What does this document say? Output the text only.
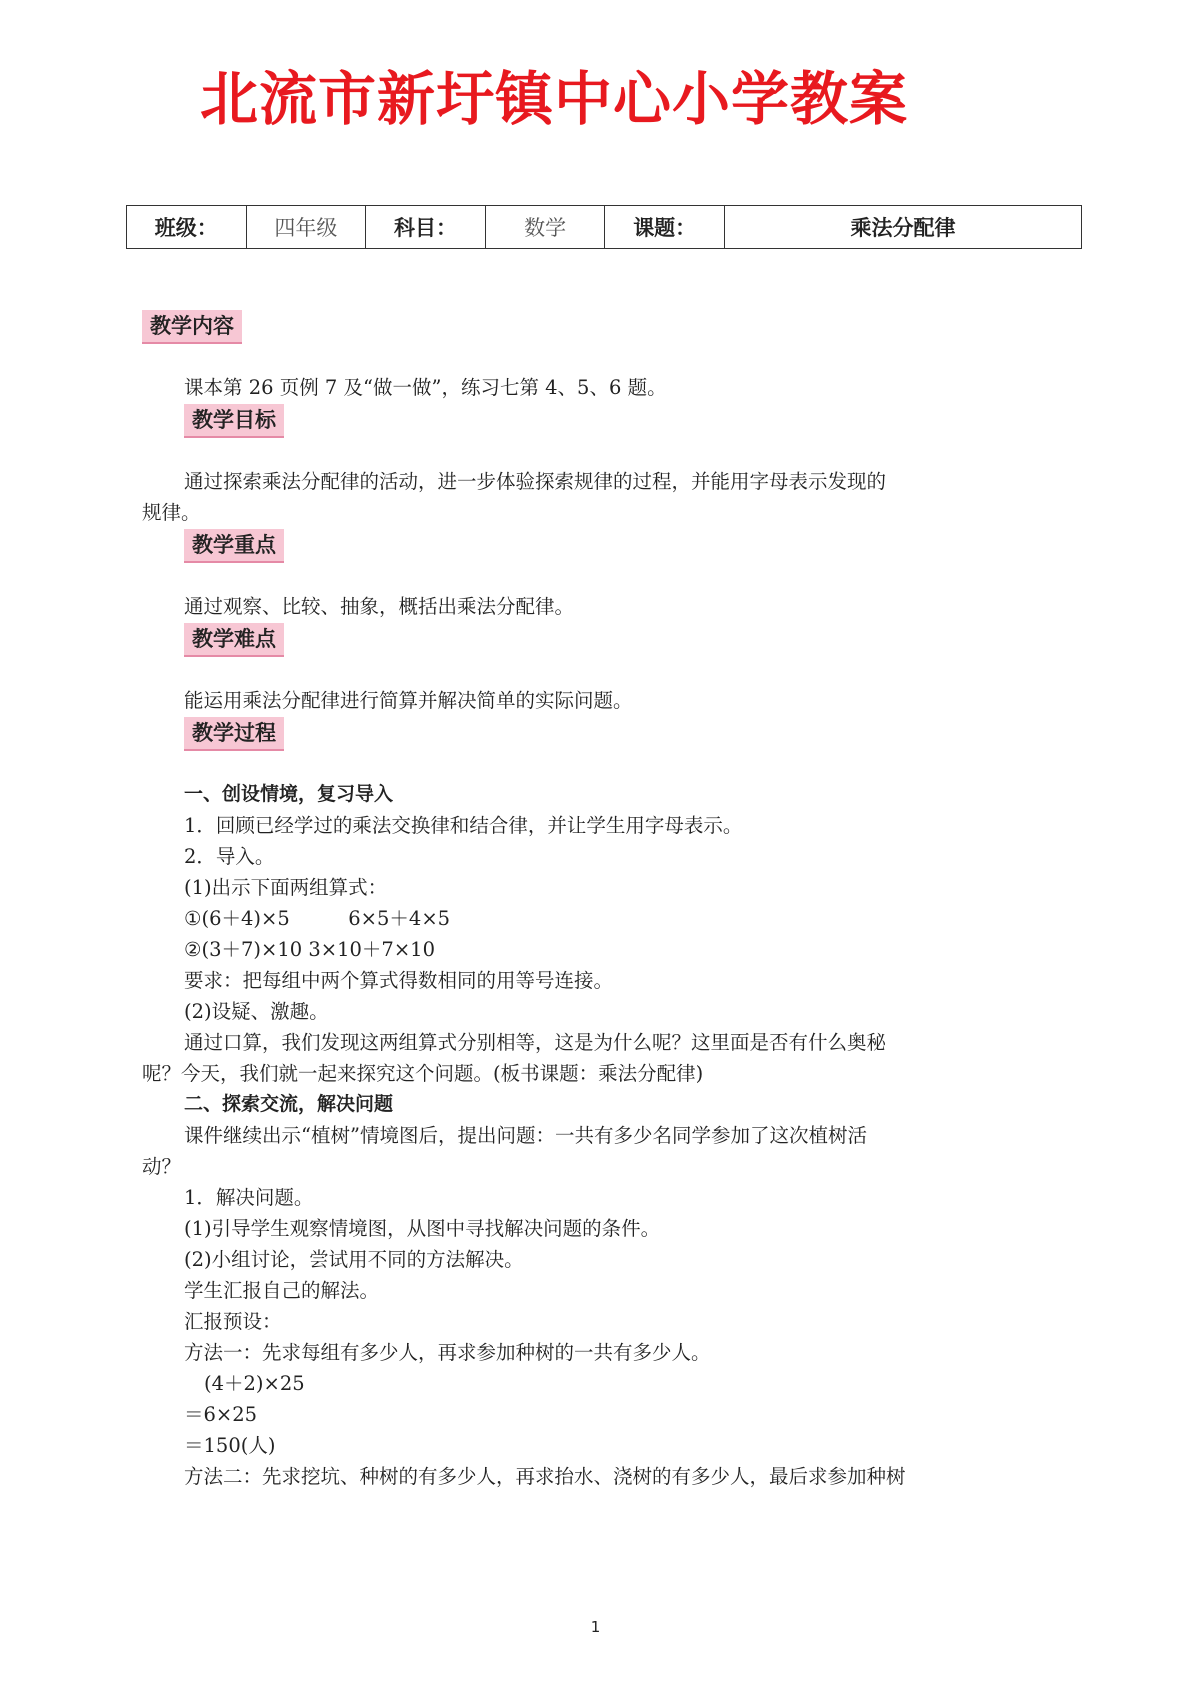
北流市新圩镇中心小学教案
班级：	四年级	科目：	数学	课题：	乘法分配律
教学内容
课本第 26 页例 7 及“做一做”，练习七第 4、5、6 题。
教学目标
通过探索乘法分配律的活动，进一步体验探索规律的过程，并能用字母表示发现的
规律。
教学重点
通过观察、比较、抽象，概括出乘法分配律。
教学难点
能运用乘法分配律进行简算并解决简单的实际问题。
教学过程
一、创设情境，复习导入
1．回顾已经学过的乘法交换律和结合律，并让学生用字母表示。
2．导入。
(1)出示下面两组算式：
①(6＋4)×5　　　6×5＋4×5
②(3＋7)×10 3×10＋7×10
要求：把每组中两个算式得数相同的用等号连接。
(2)设疑、激趣。
通过口算，我们发现这两组算式分别相等，这是为什么呢？这里面是否有什么奥秘
呢？今天，我们就一起来探究这个问题。(板书课题：乘法分配律)
二、探索交流，解决问题
课件继续出示“植树”情境图后，提出问题：一共有多少名同学参加了这次植树活
动？
1．解决问题。
(1)引导学生观察情境图，从图中寻找解决问题的条件。
(2)小组讨论，尝试用不同的方法解决。
学生汇报自己的解法。
汇报预设：
方法一：先求每组有多少人，再求参加种树的一共有多少人。
(4＋2)×25
＝6×25
＝150(人)
方法二：先求挖坑、种树的有多少人，再求抬水、浇树的有多少人，最后求参加种树
1
